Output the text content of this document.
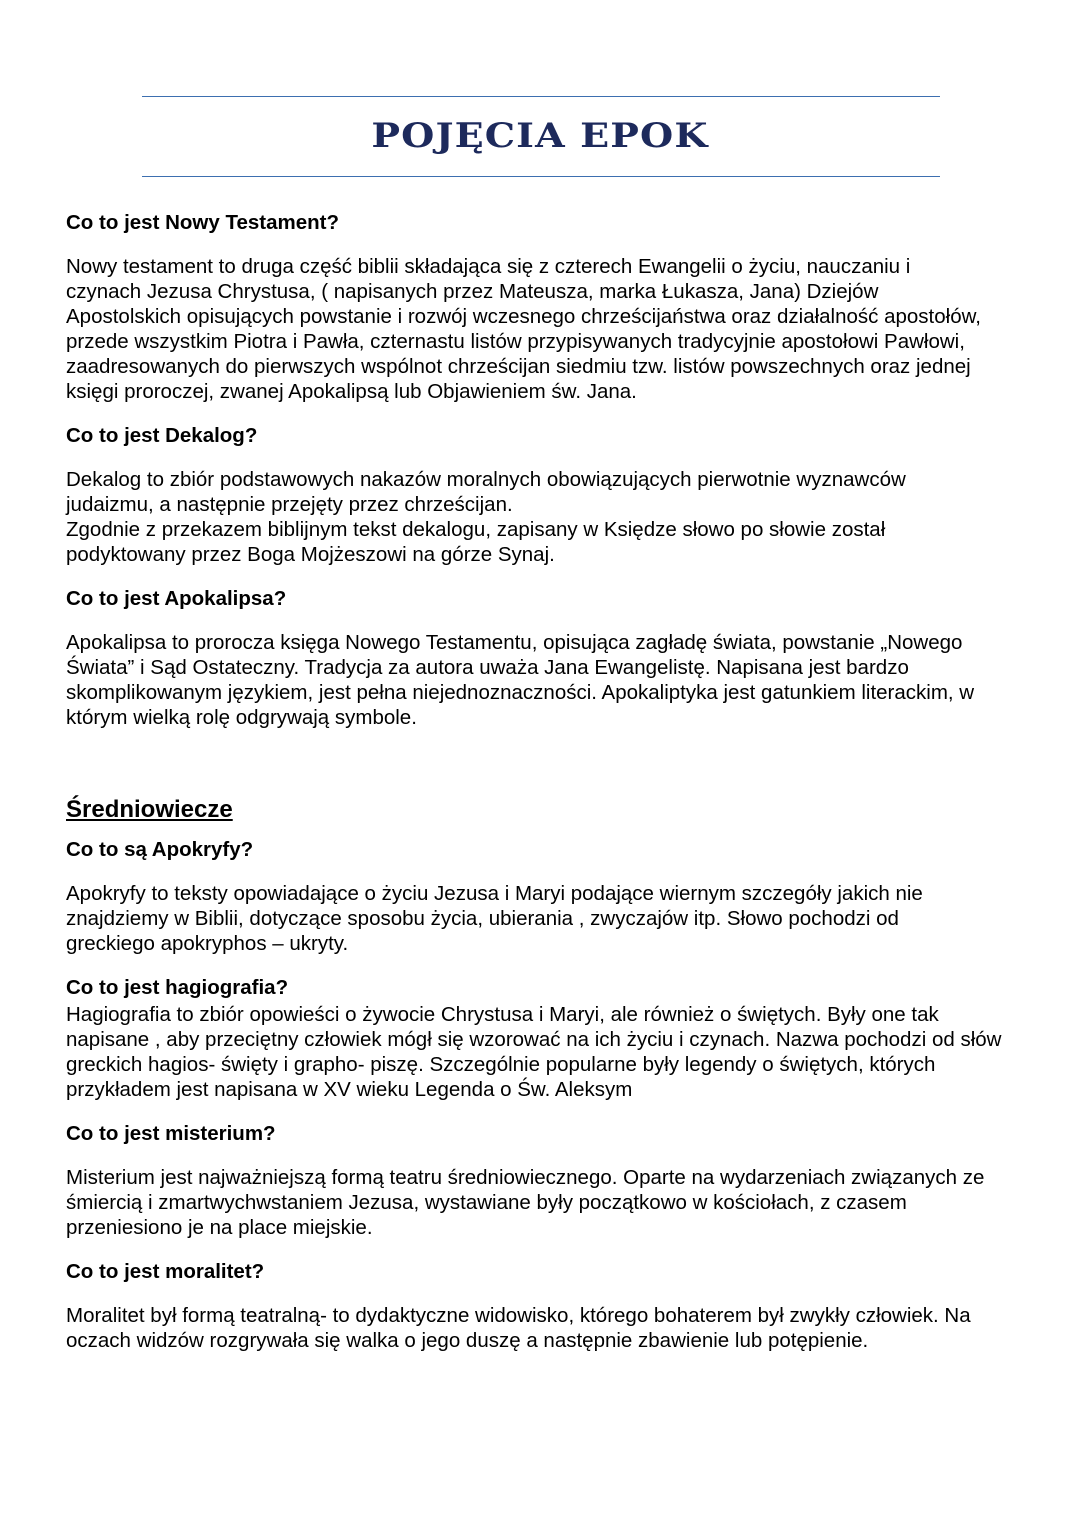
POJĘCIA EPOK
Co to jest Nowy Testament?

Nowy testament to druga część biblii składająca się z czterech Ewangelii o życiu, nauczaniu i czynach Jezusa Chrystusa, ( napisanych przez Mateusza, marka Łukasza, Jana) Dziejów Apostolskich opisujących powstanie i rozwój wczesnego chrześcijaństwa oraz działalność apostołów, przede wszystkim Piotra i Pawła, czternastu listów przypisywanych tradycyjnie apostołowi Pawłowi, zaadresowanych do pierwszych wspólnot chrześcijan siedmiu tzw. listów powszechnych oraz jednej księgi proroczej, zwanej Apokalipsą lub Objawieniem św. Jana.

Co to jest Dekalog?

Dekalog to zbiór podstawowych nakazów moralnych obowiązujących pierwotnie wyznawców judaizmu, a następnie przejęty przez chrześcijan.

Zgodnie z przekazem biblijnym tekst dekalogu, zapisany w Księdze słowo po słowie został podyktowany przez Boga Mojżeszowi na górze Synaj.

Co to jest Apokalipsa?

Apokalipsa to prorocza księga Nowego Testamentu, opisująca zagładę świata, powstanie „Nowego Świata” i Sąd Ostateczny. Tradycja za autora uważa Jana Ewangelistę. Napisana jest bardzo skomplikowanym językiem, jest pełna niejednoznaczności. Apokaliptyka jest gatunkiem literackim, w którym wielką rolę odgrywają symbole.

Średniowiecze
Co to są Apokryfy?

Apokryfy to teksty opowiadające o życiu Jezusa i Maryi podające wiernym szczegóły jakich nie znajdziemy w Biblii, dotyczące sposobu życia, ubierania , zwyczajów itp. Słowo pochodzi od greckiego apokryphos – ukryty.

Co to jest hagiografia?

Hagiografia to zbiór opowieści o żywocie Chrystusa i Maryi, ale również o świętych. Były one tak napisane , aby przeciętny człowiek mógł się wzorować na ich życiu i czynach. Nazwa pochodzi od słów greckich hagios- święty i grapho- piszę. Szczególnie popularne były legendy o świętych, których przykładem jest napisana w XV wieku Legenda o Św. Aleksym

Co to jest misterium?

Misterium jest najważniejszą formą teatru średniowiecznego. Oparte na wydarzeniach związanych ze śmiercią i zmartwychwstaniem Jezusa, wystawiane były początkowo w kościołach, z czasem przeniesiono je na place miejskie.

Co to jest moralitet?

Moralitet był formą teatralną- to dydaktyczne widowisko, którego bohaterem był zwykły człowiek. Na oczach widzów rozgrywała się walka o jego duszę a następnie zbawienie lub potępienie.
